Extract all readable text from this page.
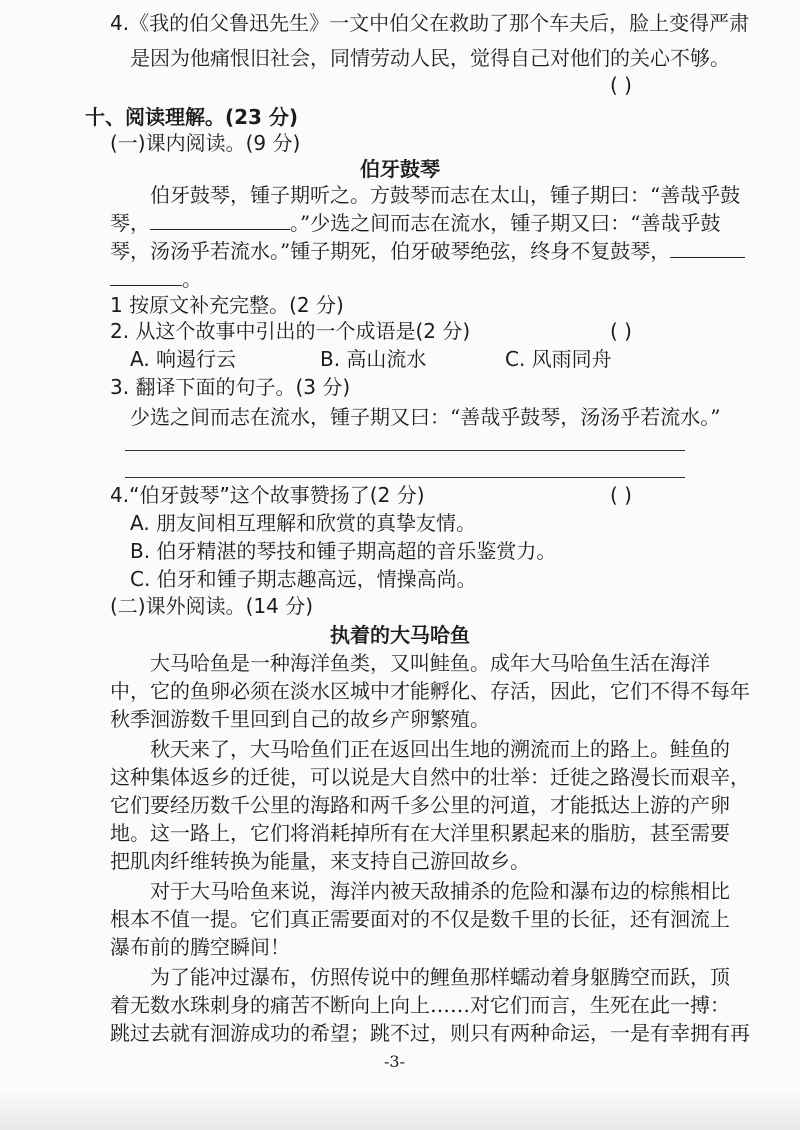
4.《我的伯父鲁迅先生》一文中伯父在救助了那个车夫后，脸上变得严肃
是因为他痛恨旧社会，同情劳动人民，觉得自己对他们的关心不够。
( )
十、阅读理解。(23 分)
(一)课内阅读。(9 分)
伯牙鼓琴
伯牙鼓琴，锺子期听之。方鼓琴而志在太山，锺子期曰：“善哉乎鼓
琴，	。”少选之间而志在流水，锺子期又曰：“善哉乎鼓
琴，汤汤乎若流水。”锺子期死，伯牙破琴绝弦，终身不复鼓琴，
。
1 按原文补充完整。(2 分)
2. 从这个故事中引出的一个成语是(2 分)	( )
A. 响遏行云	B. 高山流水	C. 风雨同舟
3. 翻译下面的句子。(3 分)
少选之间而志在流水，锺子期又曰：“善哉乎鼓琴，汤汤乎若流水。”
4.“伯牙鼓琴”这个故事赞扬了(2 分)	( )
A. 朋友间相互理解和欣赏的真挚友情。
B. 伯牙精湛的琴技和锺子期高超的音乐鉴赏力。
C. 伯牙和锺子期志趣高远，情操高尚。
(二)课外阅读。(14 分)
执着的大马哈鱼
大马哈鱼是一种海洋鱼类，又叫鲑鱼。成年大马哈鱼生活在海洋
中，它的鱼卵必须在淡水区城中才能孵化、存活，因此，它们不得不每年
秋季洄游数千里回到自己的故乡产卵繁殖。
秋天来了，大马哈鱼们正在返回出生地的溯流而上的路上。鲑鱼的
这种集体返乡的迁徙，可以说是大自然中的壮举：迁徙之路漫长而艰辛，
它们要经历数千公里的海路和两千多公里的河道，才能抵达上游的产卵
地。这一路上，它们将消耗掉所有在大洋里积累起来的脂肪，甚至需要
把肌肉纤维转换为能量，来支持自己游回故乡。
对于大马哈鱼来说，海洋内被天敌捕杀的危险和瀑布边的棕熊相比
根本不值一提。它们真正需要面对的不仅是数千里的长征，还有洄流上
瀑布前的腾空瞬间！
为了能冲过瀑布，仿照传说中的鲤鱼那样蠕动着身躯腾空而跃，顶
着无数水珠刺身的痛苦不断向上向上……对它们而言，生死在此一搏：
跳过去就有洄游成功的希望；跳不过，则只有两种命运，一是有幸拥有再
-3-
